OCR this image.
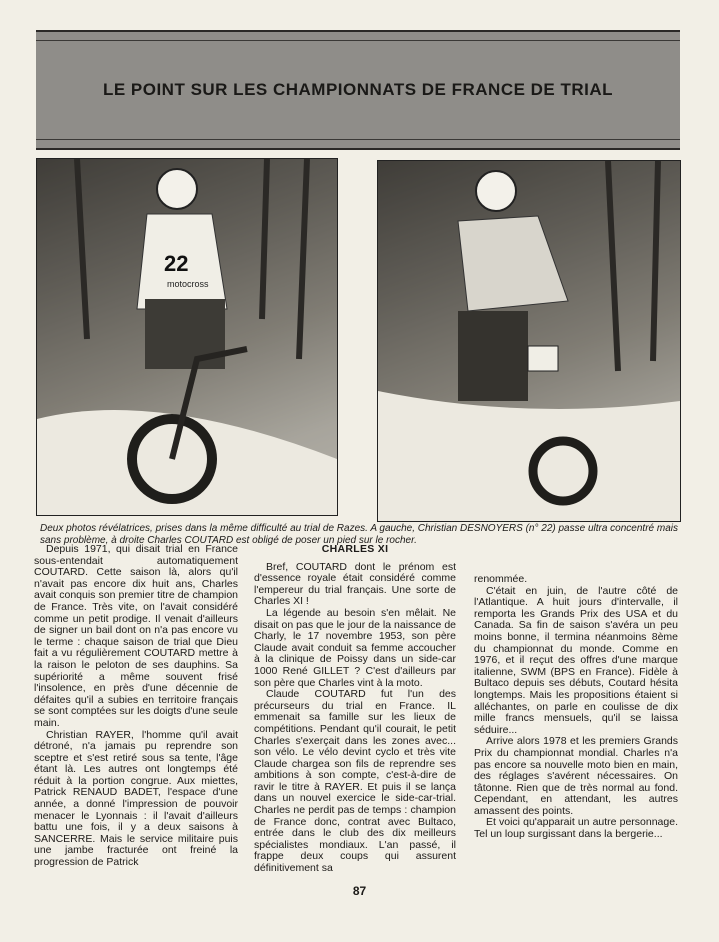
LE POINT SUR LES CHAMPIONNATS DE FRANCE DE TRIAL
22
motocross
Deux photos révélatrices, prises dans la même difficulté au trial de Razes. A gauche, Christian DESNOYERS (n° 22) passe ultra concentré mais sans problème, à droite Charles COUTARD est obligé de poser un pied sur le rocher.

Depuis 1971, qui disait trial en France sous-entendait automatiquement COUTARD. Cette saison là, alors qu'il n'avait pas encore dix huit ans, Charles avait conquis son premier titre de champion de France. Très vite, on l'avait considéré comme un petit prodige. Il venait d'ailleurs de signer un bail dont on n'a pas encore vu le terme : chaque saison de trial que Dieu fait a vu régulièrement COUTARD mettre à la raison le peloton de ses dauphins. Sa supériorité a même souvent frisé l'insolence, en près d'une décennie de défaites qu'il a subies en territoire français se sont comptées sur les doigts d'une seule main.

Christian RAYER, l'homme qu'il avait détroné, n'a jamais pu reprendre son sceptre et s'est retiré sous sa tente, l'âge étant là. Les autres ont longtemps été réduit à la portion congrue. Aux miettes, Patrick RENAUD BADET, l'espace d'une année, a donné l'impression de pouvoir menacer le Lyonnais : il l'avait d'ailleurs battu une fois, il y a deux saisons à SANCERRE. Mais le service militaire puis une jambe fracturée ont freiné la progression de Patrick

CHARLES XI

Bref, COUTARD dont le prénom est d'essence royale était considéré comme l'empereur du trial français. Une sorte de Charles XI !

La légende au besoin s'en mêlait. Ne disait on pas que le jour de la naissance de Charly, le 17 novembre 1953, son père Claude avait conduit sa femme accoucher à la clinique de Poissy dans un side-car 1000 René GILLET ? C'est d'ailleurs par son père que Charles vint à la moto.

Claude COUTARD fut l'un des précurseurs du trial en France. IL emmenait sa famille sur les lieux de compétitions. Pendant qu'il courait, le petit Charles s'exerçait dans les zones avec... son vélo. Le vélo devint cyclo et très vite Claude chargea son fils de reprendre ses ambitions à son compte, c'est-à-dire de ravir le titre à RAYER. Et puis il se lança dans un nouvel exercice le side-car-trial. Charles ne perdit pas de temps : champion de France donc, contrat avec Bultaco, entrée dans le club des dix meilleurs spécialistes mondiaux. L'an passé, il frappe deux coups qui assurent définitivement sa

renommée.

C'était en juin, de l'autre côté de l'Atlantique. A huit jours d'intervalle, il remporta les Grands Prix des USA et du Canada. Sa fin de saison s'avéra un peu moins bonne, il termina néanmoins 8ème du championnat du monde. Comme en 1976, et il reçut des offres d'une marque italienne, SWM (BPS en France). Fidèle à Bultaco depuis ses débuts, Coutard hésita longtemps. Mais les propositions étaient si alléchantes, on parle en coulisse de dix mille francs mensuels, qu'il se laissa séduire...

Arrive alors 1978 et les premiers Grands Prix du championnat mondial. Charles n'a pas encore sa nouvelle moto bien en main, des réglages s'avérent nécessaires. On tâtonne. Rien que de très normal au fond. Cependant, en attendant, les autres amassent des points.

Et voici qu'apparait un autre personnage. Tel un loup surgissant dans la bergerie...

87
